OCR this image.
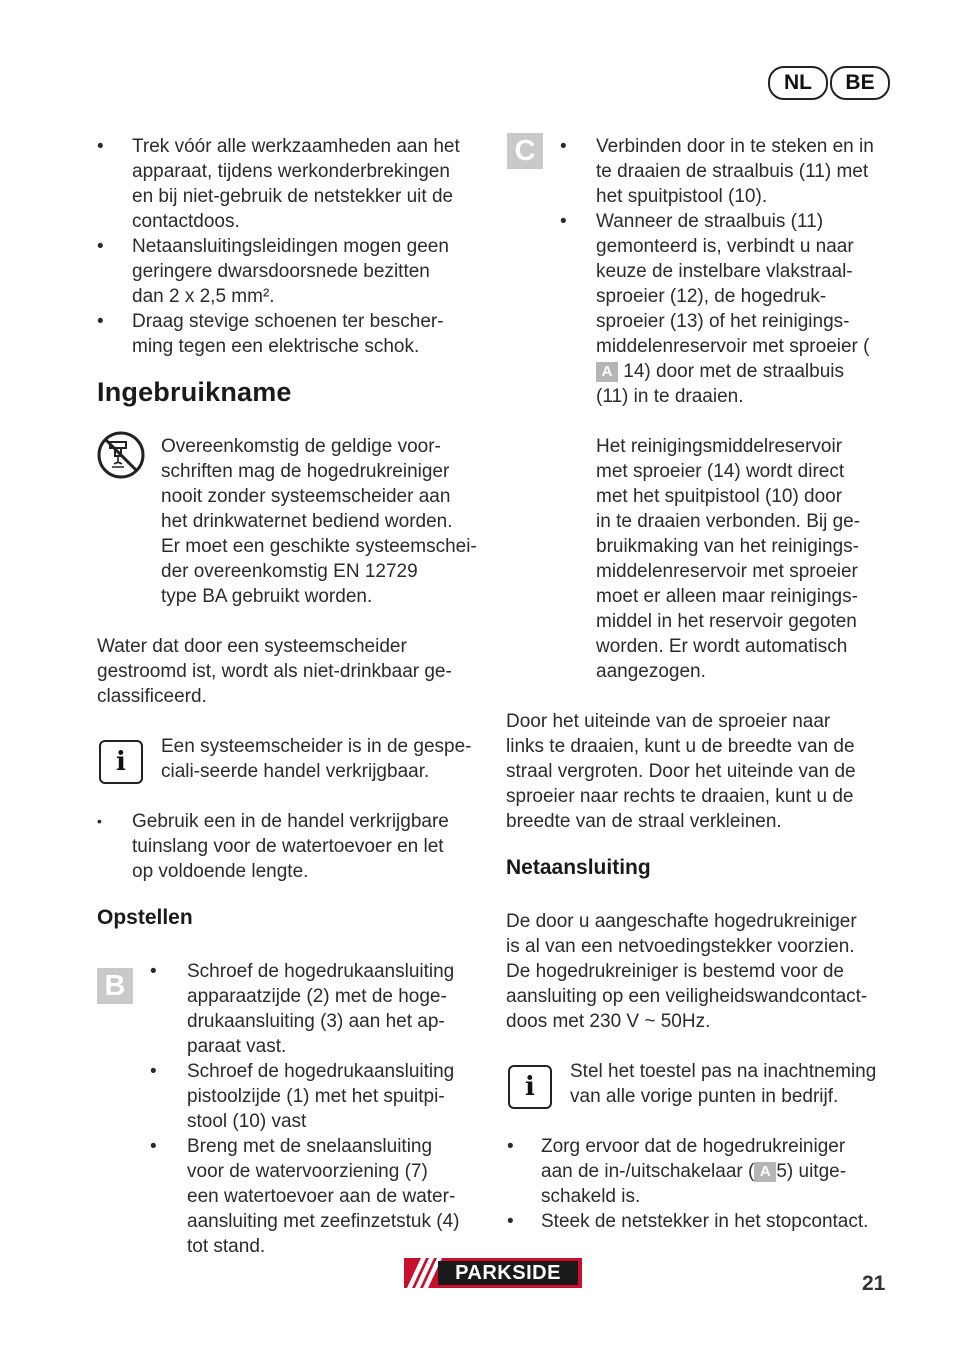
NL	BE
• Trek vóór alle werkzaamheden aan het
apparaat, tijdens werkonderbrekingen
en bij niet-gebruik de netstekker uit de
contactdoos.
• Netaansluitingsleidingen mogen geen
geringere dwarsdoorsnede bezitten
dan 2 x 2,5 mm².
• Draag stevige schoenen ter bescher-
ming tegen een elektrische schok.
Ingebruikname
Overeenkomstig de geldige voor-
schriften mag de hogedrukreiniger
nooit zonder systeemscheider aan
het drinkwaternet bediend worden.
Er moet een geschikte systeemschei-
der overeenkomstig EN 12729
type BA gebruikt worden.
Water dat door een systeemscheider
gestroomd ist, wordt als niet-drinkbaar ge-
classificeerd.
i
Een systeemscheider is in de gespe-
ciali-seerde handel verkrijgbaar.
• Gebruik een in de handel verkrijgbare
tuinslang voor de watertoevoer en let
op voldoende lengte.
Opstellen
B	• Schroef de hogedrukaansluiting
apparaatzijde (2) met de hoge-
drukaansluiting (3) aan het ap-
paraat vast.
• Schroef de hogedrukaansluiting
pistoolzijde (1) met het spuitpi-
stool (10) vast
• Breng met de snelaansluiting
voor de watervoorziening (7)
een watertoevoer aan de water-
aansluiting met zeefinzetstuk (4)
tot stand.
C	• Verbinden door in te steken en in
te draaien de straalbuis (11) met
het spuitpistool (10).
• Wanneer de straalbuis (11)
gemonteerd is, verbindt u naar
keuze de instelbare vlakstraal-
sproeier (12), de hogedruk-
sproeier (13) of het reinigings-
middelenreservoir met sproeier (
A 14) door met de straalbuis
(11) in te draaien.
Het reinigingsmiddelreservoir
met sproeier (14) wordt direct
met het spuitpistool (10) door
in te draaien verbonden. Bij ge-
bruikmaking van het reinigings-
middelenreservoir met sproeier
moet er alleen maar reinigings-
middel in het reservoir gegoten
worden. Er wordt automatisch
aangezogen.
Door het uiteinde van de sproeier naar
links te draaien, kunt u de breedte van de
straal vergroten. Door het uiteinde van de
sproeier naar rechts te draaien, kunt u de
breedte van de straal verkleinen.
Netaansluiting
De door u aangeschafte hogedrukreiniger
is al van een netvoedingstekker voorzien.
De hogedrukreiniger is bestemd voor de
aansluiting op een veiligheidswandcontact-
doos met 230 V ~ 50Hz.
i
Stel het toestel pas na inachtneming
van alle vorige punten in bedrijf.
• Zorg ervoor dat de hogedrukreiniger
aan de in-/uitschakelaar ( A 5) uitge-
schakeld is.
• Steek de netstekker in het stopcontact.
PARKSIDE	21
